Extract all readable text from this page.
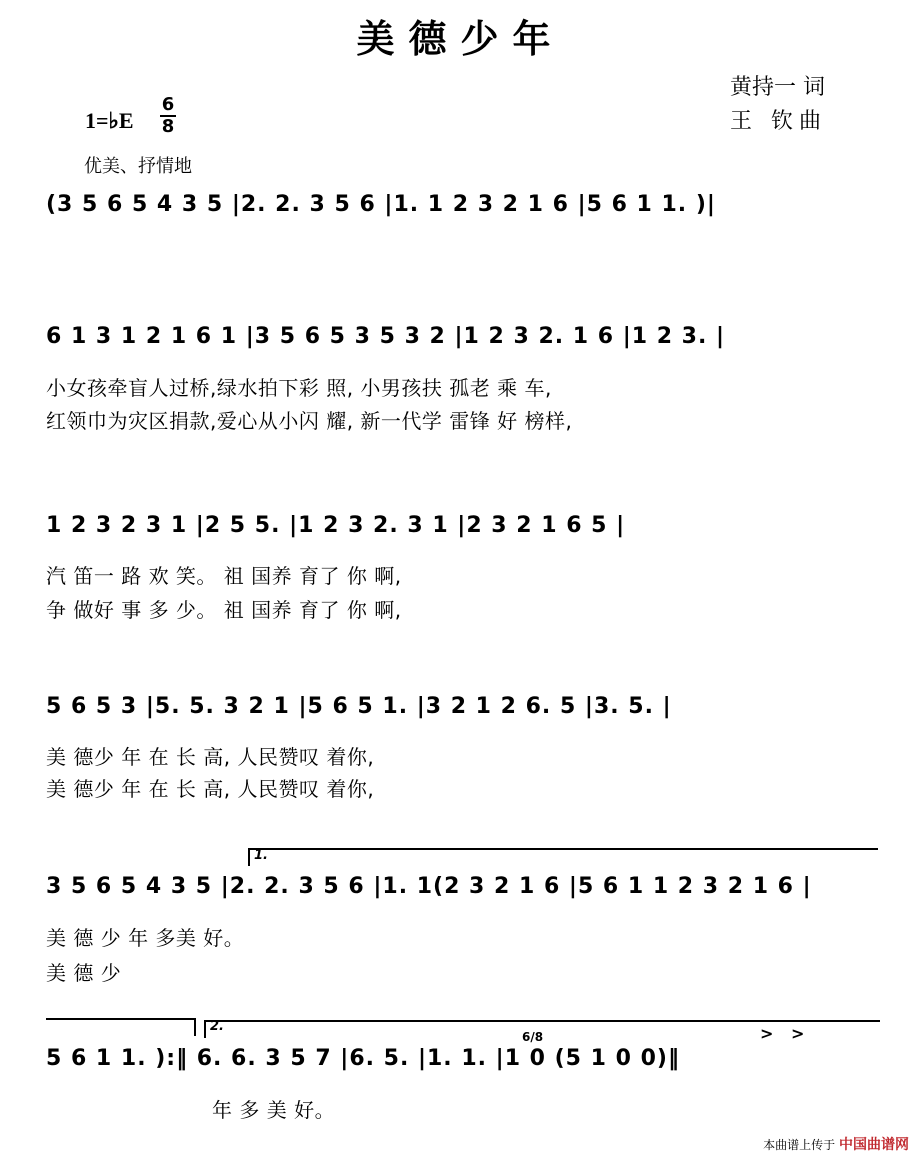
美德少年
黄持一 词
王 钦曲
1=♭E
6
8
优美、抒情地
(3 5 6 5 4 3 5 |2. 2. 3 5 6 |1. 1 2 3 2 1 6 |5 6 1 1. )|
6 1 3 1 2 1 6 1 |3 5 6 5 3 5 3 2 |1 2 3 2. 1 6 |1 2 3. |
小女孩牵盲人过桥,绿水拍下彩 照, 小男孩扶 孤老 乘 车,
红领巾为灾区捐款,爱心从小闪 耀, 新一代学 雷锋 好 榜样,
1 2 3 2 3 1 |2 5 5. |1 2 3 2. 3 1 |2 3 2 1 6 5 |
汽 笛一 路 欢 笑。 祖 国养 育了 你 啊,
争 做好 事 多 少。 祖 国养 育了 你 啊,
5 6 5 3 |5. 5. 3 2 1 |5 6 5 1. |3 2 1 2 6. 5 |3. 5. |
美 德少 年 在 长 高, 人民赞叹 着你,
美 德少 年 在 长 高, 人民赞叹 着你,
1.
3 5 6 5 4 3 5 |2. 2. 3 5 6 |1. 1(2 3 2 1 6 |5 6 1 1 2 3 2 1 6 |
美 德 少 年 多美 好。
美 德 少
2.
6/8	> >
5 6 1 1. ):‖ 6. 6. 3 5 7 |6. 5. |1. 1. |1 0 (5 1 0 0)‖
年 多 美 好。
本曲谱上传于 中国曲谱网
